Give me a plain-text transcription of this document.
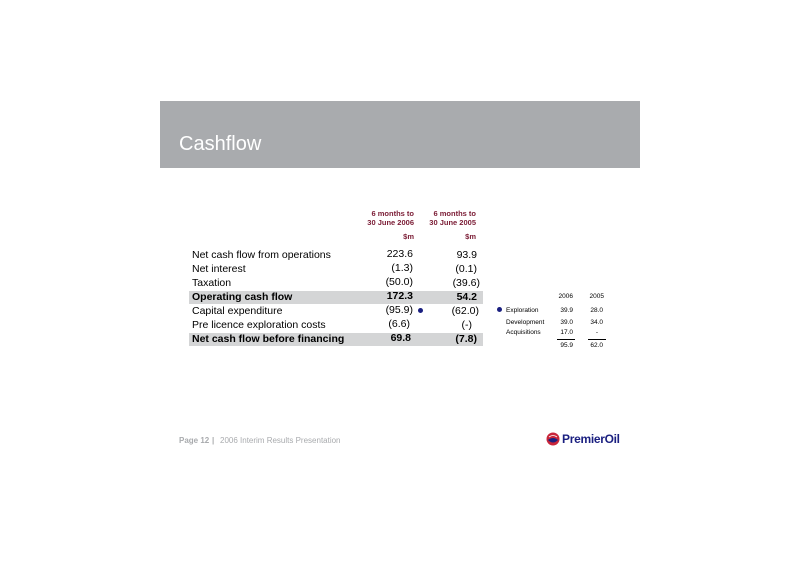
Cashflow
6 months to
30 June 2006
6 months to
30 June 2005
$m	$m
Net cash flow from operations	223.6	93.9
Net interest	(1.3)	(0.1)
Taxation	(50.0)	(39.6)
Operating cash flow	172.3	54.2
Capital expenditure	(95.9)	(62.0)
Pre licence exploration costs	(6.6)	(-)
Net cash flow before financing	69.8	(7.8)
2006	2005
Exploration	39.9	28.0
Development	39.0	34.0
Acquisitions	17.0	-
95.9	62.0
Page 12 | 2006 Interim Results Presentation	PremierOil
